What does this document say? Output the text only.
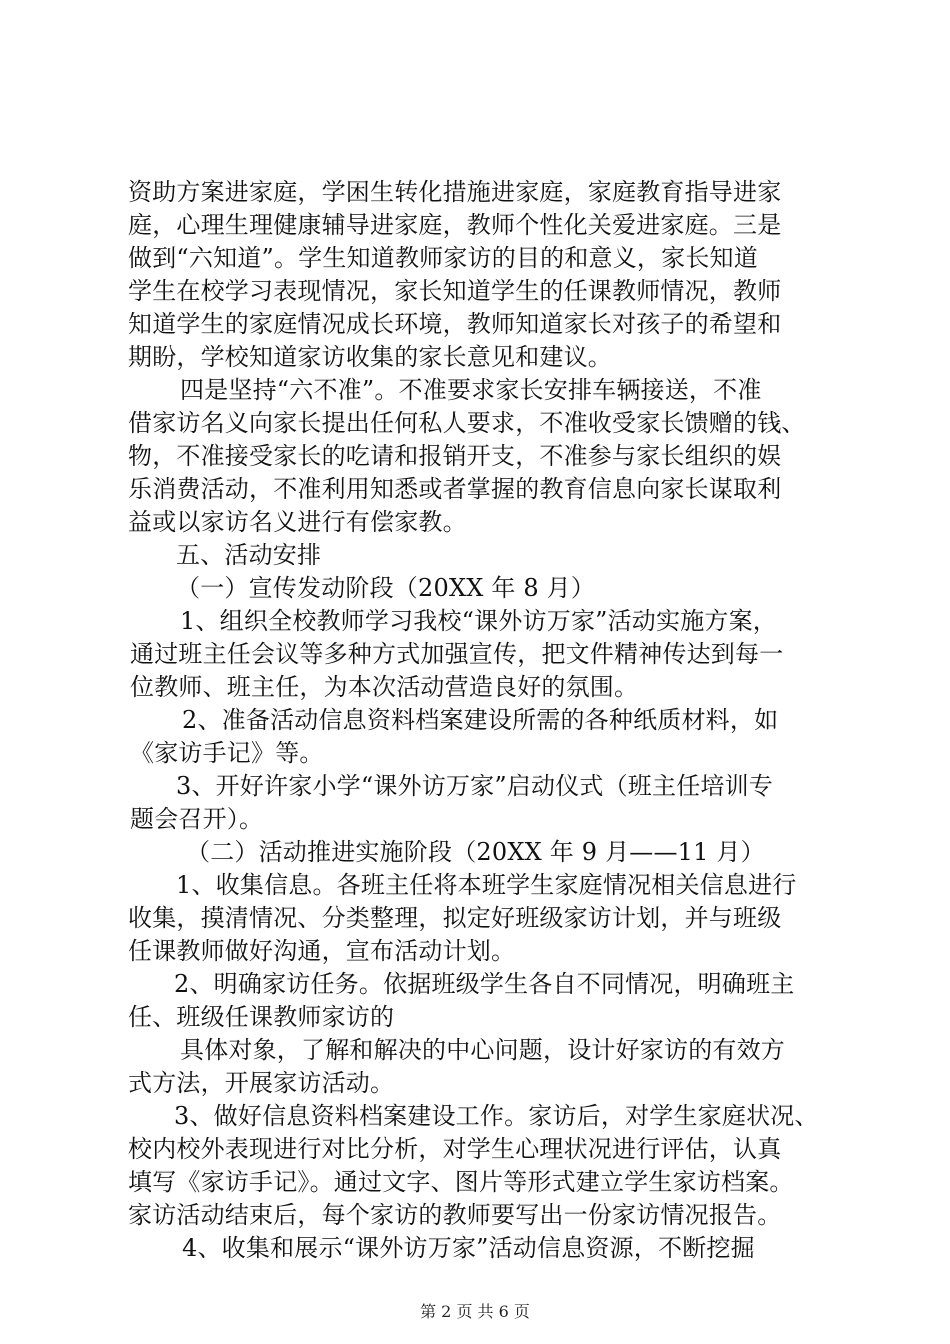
资助方案进家庭，学困生转化措施进家庭，家庭教育指导进家
庭，心理生理健康辅导进家庭，教师个性化关爱进家庭。三是
做到“六知道”。学生知道教师家访的目的和意义，家长知道
学生在校学习表现情况，家长知道学生的任课教师情况，教师
知道学生的家庭情况成长环境，教师知道家长对孩子的希望和
期盼，学校知道家访收集的家长意见和建议。
四是坚持“六不准”。不准要求家长安排车辆接送，不准
借家访名义向家长提出任何私人要求，不准收受家长馈赠的钱、
物，不准接受家长的吃请和报销开支，不准参与家长组织的娱
乐消费活动，不准利用知悉或者掌握的教育信息向家长谋取利
益或以家访名义进行有偿家教。
五、活动安排
（一）宣传发动阶段（20XX 年 8 月）
1、组织全校教师学习我校“课外访万家”活动实施方案，
通过班主任会议等多种方式加强宣传，把文件精神传达到每一
位教师、班主任，为本次活动营造良好的氛围。
2、准备活动信息资料档案建设所需的各种纸质材料，如
《家访手记》等。
3、开好许家小学“课外访万家”启动仪式（班主任培训专
题会召开）。
（二）活动推进实施阶段（20XX 年 9 月——11 月）
1、收集信息。各班主任将本班学生家庭情况相关信息进行
收集，摸清情况、分类整理，拟定好班级家访计划，并与班级
任课教师做好沟通，宣布活动计划。
2、明确家访任务。依据班级学生各自不同情况，明确班主
任、班级任课教师家访的
具体对象，了解和解决的中心问题，设计好家访的有效方
式方法，开展家访活动。
3、做好信息资料档案建设工作。家访后，对学生家庭状况、
校内校外表现进行对比分析，对学生心理状况进行评估，认真
填写《家访手记》。通过文字、图片等形式建立学生家访档案。
家访活动结束后，每个家访的教师要写出一份家访情况报告。
4、收集和展示“课外访万家”活动信息资源，不断挖掘
第 2 页 共 6 页
